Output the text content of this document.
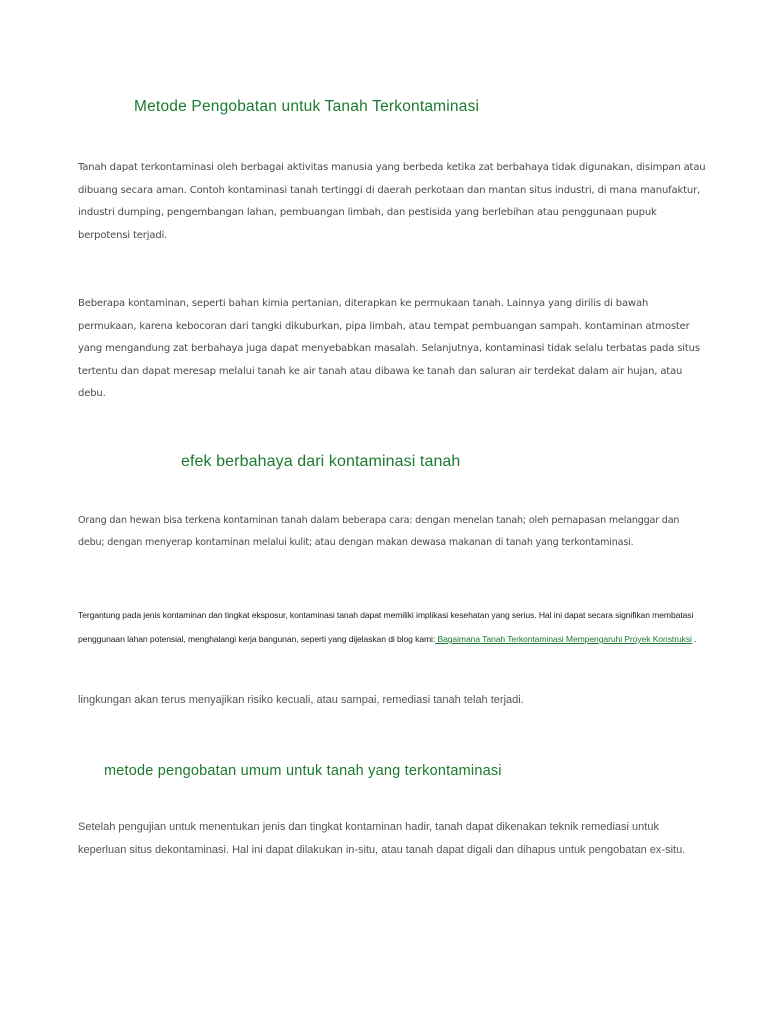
Metode Pengobatan untuk Tanah Terkontaminasi

Tanah dapat terkontaminasi oleh berbagai aktivitas manusia yang berbeda ketika zat berbahaya tidak digunakan, disimpan atau dibuang secara aman. Contoh kontaminasi tanah tertinggi di daerah perkotaan dan mantan situs industri, di mana manufaktur, industri dumping, pengembangan lahan, pembuangan limbah, dan pestisida yang berlebihan atau penggunaan pupuk berpotensi terjadi.

Beberapa kontaminan, seperti bahan kimia pertanian, diterapkan ke permukaan tanah. Lainnya yang dirilis di bawah permukaan, karena kebocoran dari tangki dikuburkan, pipa limbah, atau tempat pembuangan sampah. kontaminan atmoster yang mengandung zat berbahaya juga dapat menyebabkan masalah. Selanjutnya, kontaminasi tidak selalu terbatas pada situs tertentu dan dapat meresap melalui tanah ke air tanah atau dibawa ke tanah dan saluran air terdekat dalam air hujan, atau debu.

efek berbahaya dari kontaminasi tanah

Orang dan hewan bisa terkena kontaminan tanah dalam beberapa cara: dengan menelan tanah; oleh pernapasan melanggar dan debu; dengan menyerap kontaminan melalui kulit; atau dengan makan dewasa makanan di tanah yang terkontaminasi.

Tergantung pada jenis kontaminan dan tingkat eksposur, kontaminasi tanah dapat memiliki implikasi kesehatan yang serius. Hal ini dapat secara signifikan membatasi penggunaan lahan potensial, menghalangi kerja bangunan, seperti yang dijelaskan di blog kami: Bagaimana Tanah Terkontaminasi Mempengaruhi Proyek Konstruksi .

lingkungan akan terus menyajikan risiko kecuali, atau sampai, remediasi tanah telah terjadi.

metode pengobatan umum untuk tanah yang terkontaminasi

Setelah pengujian untuk menentukan jenis dan tingkat kontaminan hadir, tanah dapat dikenakan teknik remediasi untuk keperluan situs dekontaminasi. Hal ini dapat dilakukan in-situ, atau tanah dapat digali dan dihapus untuk pengobatan ex-situ.
